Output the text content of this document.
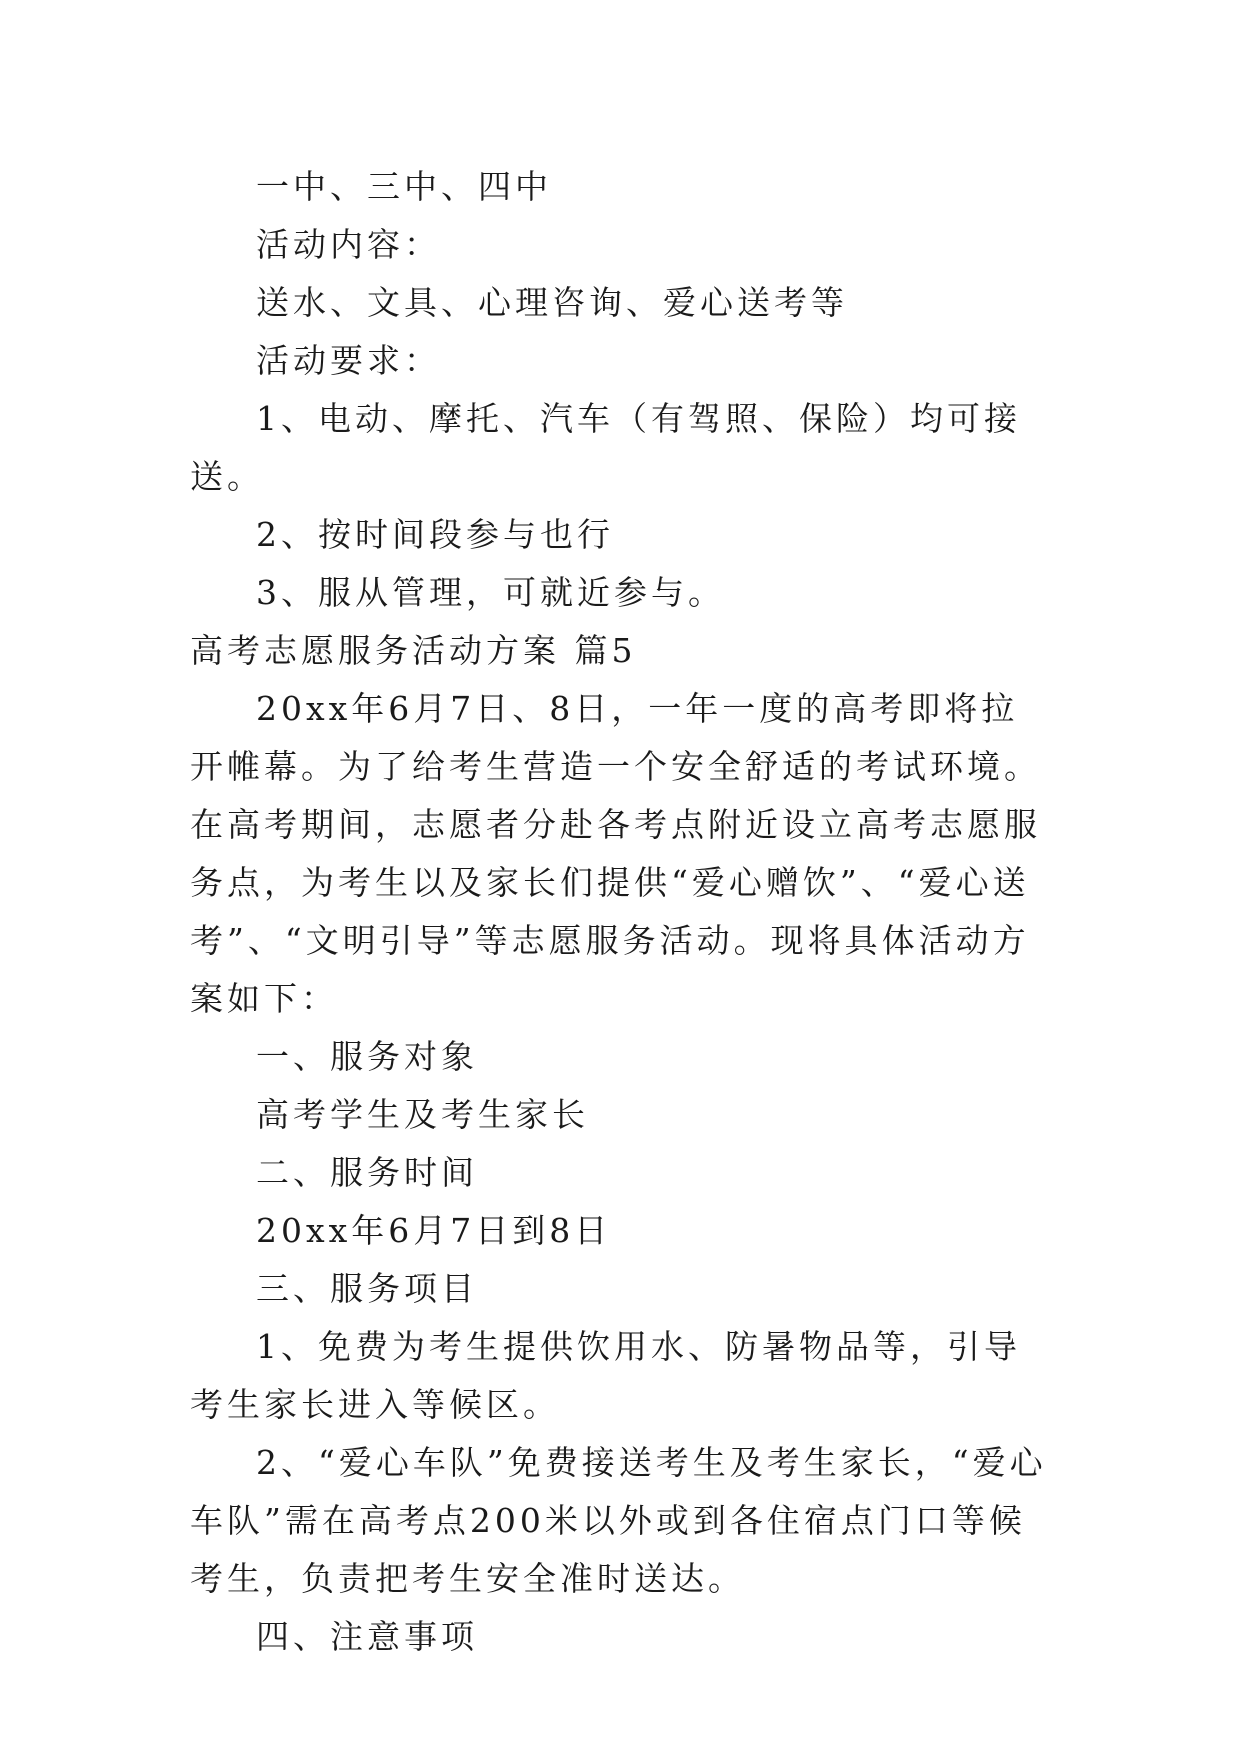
一中、三中、四中

活动内容：

送水、文具、心理咨询、爱心送考等

活动要求：

1、电动、摩托、汽车（有驾照、保险）均可接送。

2、按时间段参与也行

3、服从管理，可就近参与。

高考志愿服务活动方案 篇5

20xx年6月7日、8日，一年一度的高考即将拉开帷幕。为了给考生营造一个安全舒适的考试环境。在高考期间，志愿者分赴各考点附近设立高考志愿服务点，为考生以及家长们提供“爱心赠饮”、“爱心送考”、“文明引导”等志愿服务活动。现将具体活动方案如下：

一、服务对象

高考学生及考生家长

二、服务时间

20xx年6月7日到8日

三、服务项目

1、免费为考生提供饮用水、防暑物品等，引导考生家长进入等候区。

2、“爱心车队”免费接送考生及考生家长，“爱心车队”需在高考点200米以外或到各住宿点门口等候考生，负责把考生安全准时送达。

四、注意事项
